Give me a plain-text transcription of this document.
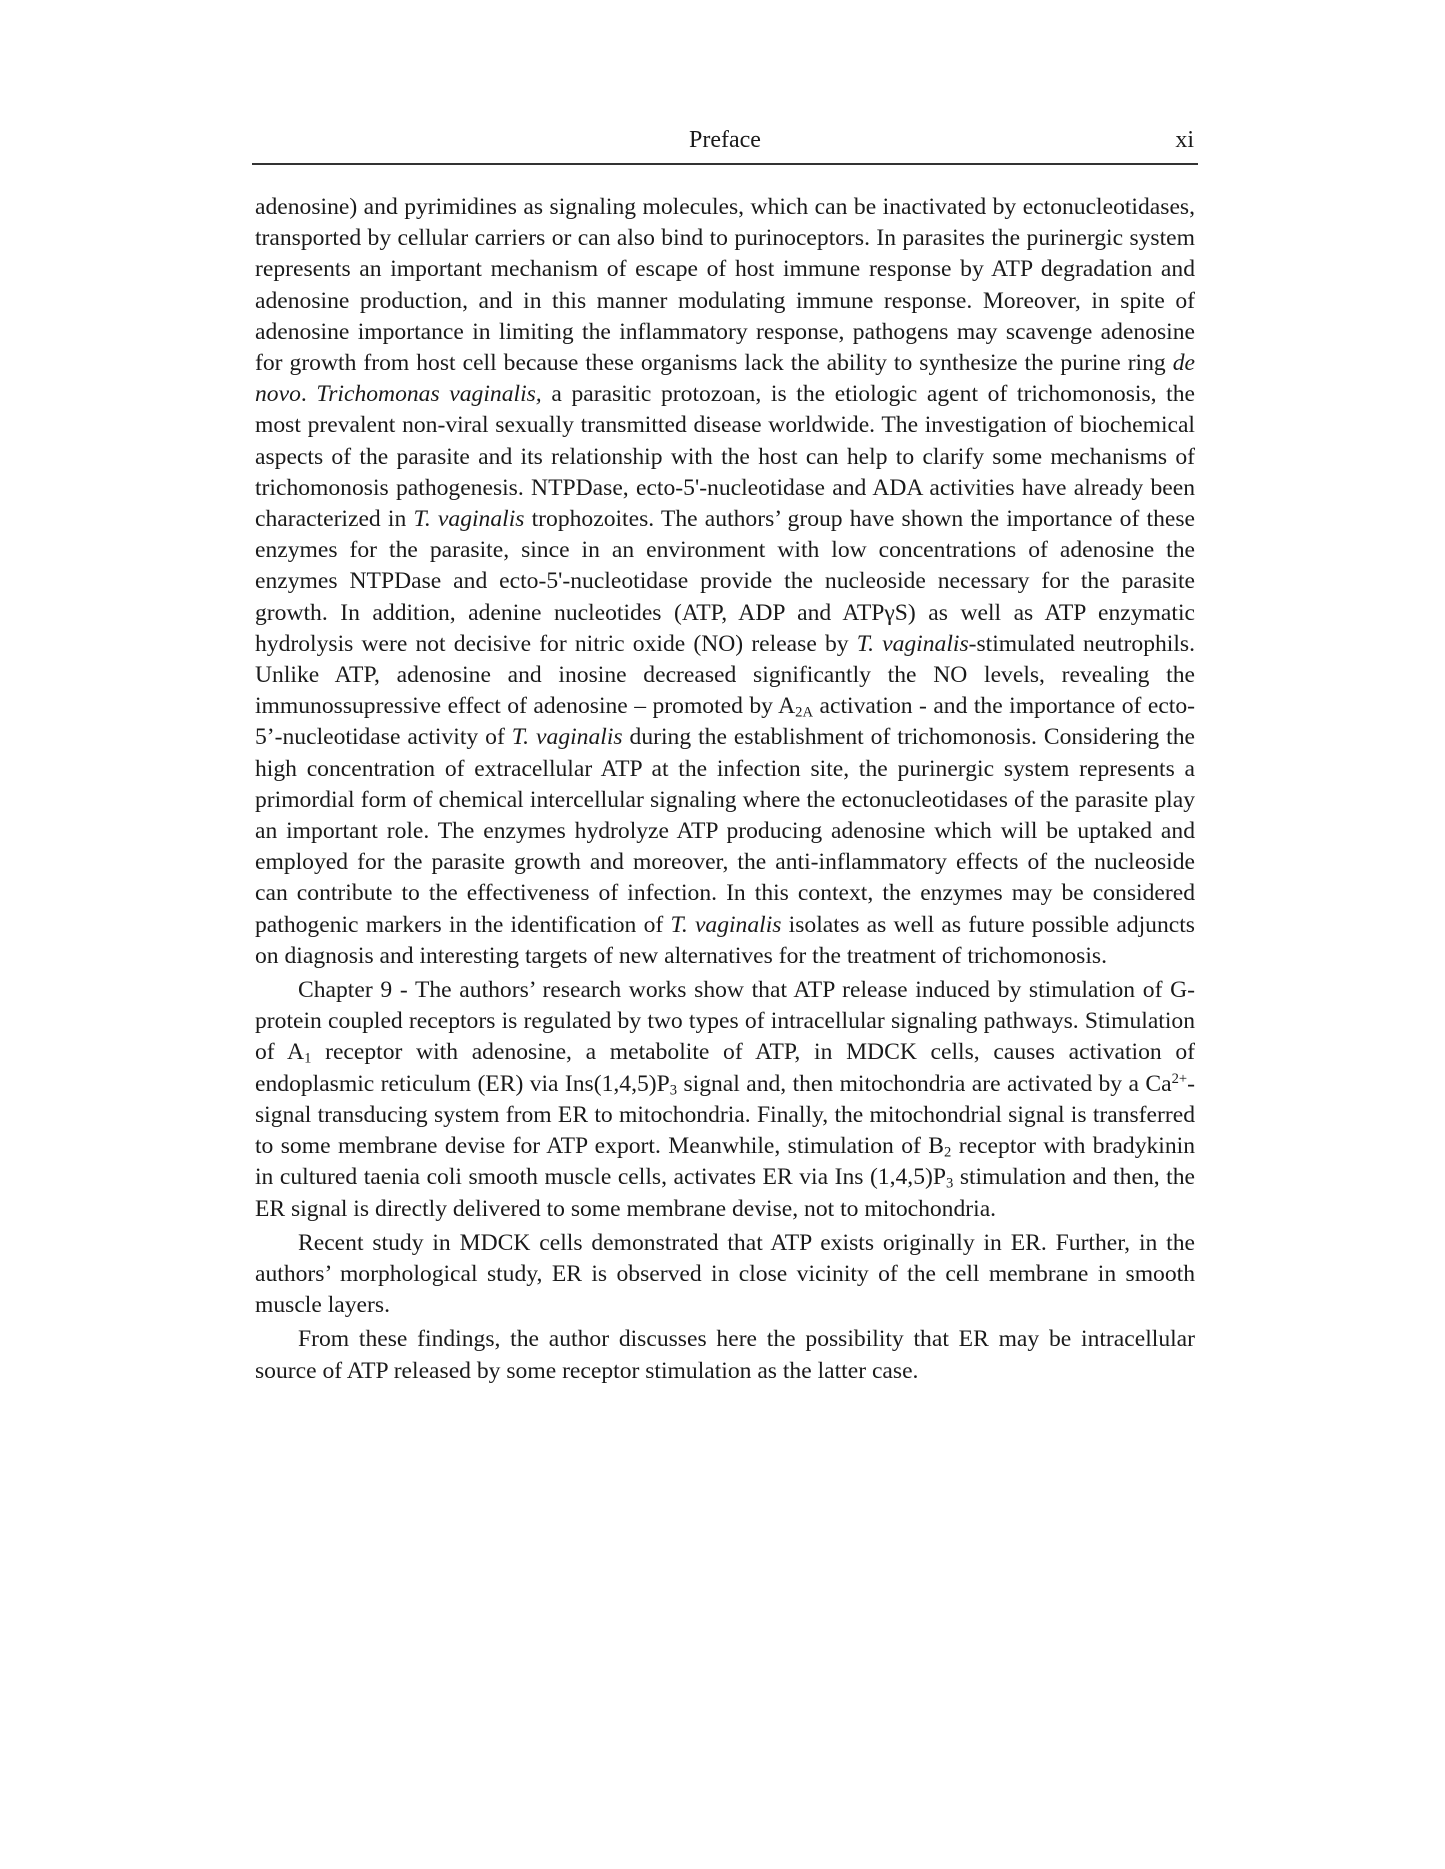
Preface	xi

adenosine) and pyrimidines as signaling molecules, which can be inactivated by ectonucleotidases, transported by cellular carriers or can also bind to purinoceptors. In parasites the purinergic system represents an important mechanism of escape of host immune response by ATP degradation and adenosine production, and in this manner modulating immune response. Moreover, in spite of adenosine importance in limiting the inflammatory response, pathogens may scavenge adenosine for growth from host cell because these organisms lack the ability to synthesize the purine ring de novo. Trichomonas vaginalis, a parasitic protozoan, is the etiologic agent of trichomonosis, the most prevalent non-viral sexually transmitted disease worldwide. The investigation of biochemical aspects of the parasite and its relationship with the host can help to clarify some mechanisms of trichomonosis pathogenesis. NTPDase, ecto-5'-nucleotidase and ADA activities have already been characterized in T. vaginalis trophozoites. The authors’ group have shown the importance of these enzymes for the parasite, since in an environment with low concentrations of adenosine the enzymes NTPDase and ecto-5'-nucleotidase provide the nucleoside necessary for the parasite growth. In addition, adenine nucleotides (ATP, ADP and ATPγS) as well as ATP enzymatic hydrolysis were not decisive for nitric oxide (NO) release by T. vaginalis-stimulated neutrophils. Unlike ATP, adenosine and inosine decreased significantly the NO levels, revealing the immunossupressive effect of adenosine – promoted by $A_{2A}$ activation - and the importance of ecto-5’-nucleotidase activity of T. vaginalis during the establishment of trichomonosis. Considering the high concentration of extracellular ATP at the infection site, the purinergic system represents a primordial form of chemical intercellular signaling where the ectonucleotidases of the parasite play an important role. The enzymes hydrolyze ATP producing adenosine which will be uptaked and employed for the parasite growth and moreover, the anti-inflammatory effects of the nucleoside can contribute to the effectiveness of infection. In this context, the enzymes may be considered pathogenic markers in the identification of T. vaginalis isolates as well as future possible adjuncts on diagnosis and interesting targets of new alternatives for the treatment of trichomonosis.

Chapter 9 - The authors’ research works show that ATP release induced by stimulation of G-protein coupled receptors is regulated by two types of intracellular signaling pathways. Stimulation of $A_1$ receptor with adenosine, a metabolite of ATP, in MDCK cells, causes activation of endoplasmic reticulum (ER) via $Ins(1,4,5)P_3$ signal and, then mitochondria are activated by a $Ca^{2+}$-signal transducing system from ER to mitochondria. Finally, the mitochondrial signal is transferred to some membrane devise for ATP export. Meanwhile, stimulation of $B_2$ receptor with bradykinin in cultured taenia coli smooth muscle cells, activates ER via Ins $(1,4,5)P_3$ stimulation and then, the ER signal is directly delivered to some membrane devise, not to mitochondria.

Recent study in MDCK cells demonstrated that ATP exists originally in ER. Further, in the authors’ morphological study, ER is observed in close vicinity of the cell membrane in smooth muscle layers.

From these findings, the author discusses here the possibility that ER may be intracellular source of ATP released by some receptor stimulation as the latter case.
